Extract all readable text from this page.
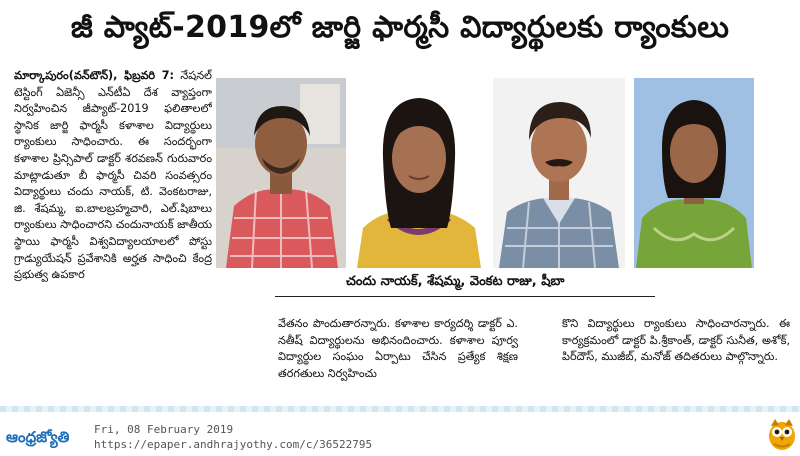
జీ ప్యాట్-2019లో జార్జి ఫార్మసీ విద్యార్థులకు ర్యాంకులు
మార్కాపురం(వన్‌టౌన్), ఫిబ్రవరి 7: నేషనల్ టెస్టింగ్ ఏజెన్సీ ఎన్‌టీఏ దేశ వ్యాప్తంగా నిర్వహించిన జీప్యాట్-2019 ఫలితాలలో స్థానిక జార్జి ఫార్మసీ కళాశాల విద్యార్థులు ర్యాంకులు సాధించారు. ఈ సందర్భంగా కళాశాల ప్రిన్సిపాల్ డాక్టర్ శరవణన్ గురువారం మాట్లాడుతూ బీ ఫార్మసీ చివరి సంవత్సరం విద్యార్థులు చందు నాయక్, టి. వెంకటరాజు, జి. శేషమ్మ, ఐ.బాలబ్రహ్మచారి, ఎల్.షిబాలు ర్యాంకులు సాధించారని చందునాయక్ జాతీయ స్థాయి ఫార్మసీ విశ్వవిద్యాలయాలలో పోస్టు గ్రాడ్యుయేషన్ ప్రవేశానికి అర్హత సాధించి కేంద్ర ప్రభుత్వ ఉపకార	చందు నాయక్, శేషమ్మ, వెంకట రాజు, షీబా
వేతనం పొందుతారన్నారు. కళాశాల కార్యదర్శి డాక్టర్ ఎ. నతీష్ విద్యార్థులను అభినందించారు. కళాశాల పూర్వ విద్యార్థుల సంఘం ఏర్పాటు చేసిన ప్రత్యేక శిక్షణ తరగతులు నిర్వహించు
కొని విద్యార్థులు ర్యాంకులు సాధించారన్నారు. ఈ కార్యక్రమంలో డాక్టర్ పి.శ్రీకాంత్, డాక్టర్ సునీత, అశోక్, పిర్‌దౌస్, ముజీబ్, మనోజ్ తదితరులు పాల్గొన్నారు.
ఆంధ్రజ్యోతి Fri, 08 February 2019
https://epaper.andhrajyothy.com/c/36522795
